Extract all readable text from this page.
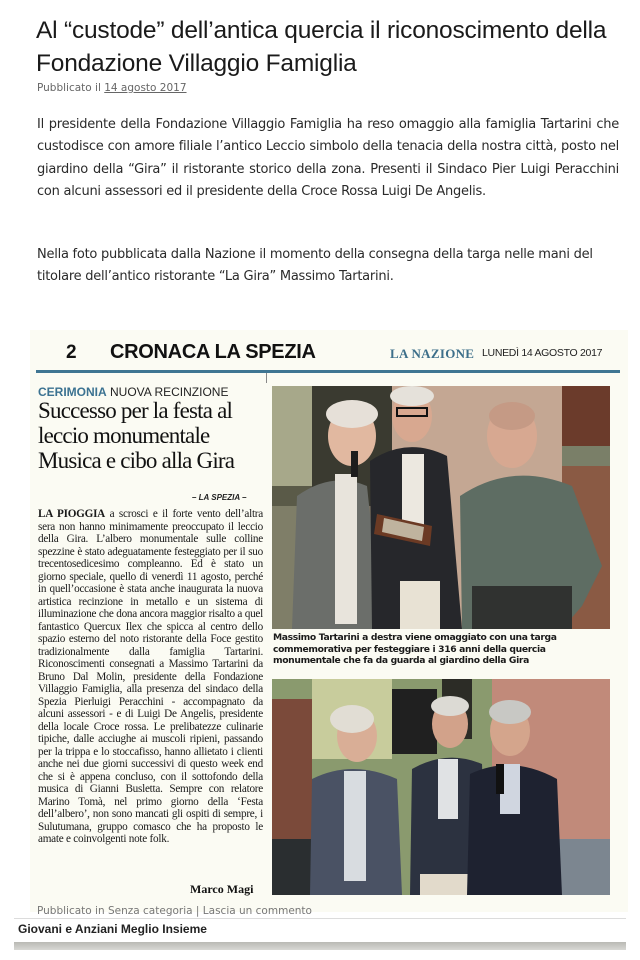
Al “custode” dell’antica quercia il riconoscimento della Fondazione Villaggio Famiglia
Pubblicato il 14 agosto 2017

Il presidente della Fondazione Villaggio Famiglia ha reso omaggio alla famiglia Tartarini che custodisce con amore filiale l’antico Leccio simbolo della tenacia della nostra città, posto nel giardino della “Gira” il ristorante storico della zona. Presenti il Sindaco Pier Luigi Peracchini con alcuni assessori ed il presidente della Croce Rossa Luigi De Angelis.

Nella foto pubblicata dalla Nazione il momento della consegna della targa nelle mani del titolare dell’antico ristorante “La Gira” Massimo Tartarini.

2 CRONACA LA SPEZIA	LA NAZIONE LUNEDÌ 14 AGOSTO 2017
CERIMONIA NUOVA RECINZIONE
Successo per la festa al leccio monumentale Musica e cibo alla Gira
– LA SPEZIA –
LA PIOGGIA a scrosci e il forte vento dell’altra sera non hanno minimamente preoccupato il leccio della Gira. L’albero monumentale sulle colline spezzine è stato adeguatamente festeggiato per il suo trecentosedicesimo compleanno. Ed è stato un giorno speciale, quello di venerdì 11 agosto, perché in quell’occasione è stata anche inaugurata la nuova artistica recinzione in metallo e un sistema di illuminazione che dona ancora maggior risalto a quel fantastico Quercux Ilex che spicca al centro dello spazio esterno del noto ristorante della Foce gestito tradizionalmente dalla famiglia Tartarini. Riconoscimenti consegnati a Massimo Tartarini da Bruno Dal Molin, presidente della Fondazione Villaggio Famiglia, alla presenza del sindaco della Spezia Pierluigi Peracchini - accompagnato da alcuni assessori - e di Luigi De Angelis, presidente della locale Croce rossa. Le prelibatezze culinarie tipiche, dalle acciughe ai muscoli ripieni, passando per la trippa e lo stoccafisso, hanno allietato i clienti anche nei due giorni successivi di questo week end che si è appena concluso, con il sottofondo della musica di Gianni Busletta. Sempre con relatore Marino Tomà, nel primo giorno della ‘Festa dell’albero’, non sono mancati gli ospiti di sempre, i Sulutumana, gruppo comasco che ha proposto le amate e coinvolgenti note folk.
Marco Magi
Massimo Tartarini a destra viene omaggiato con una targa commemorativa per festeggiare i 316 anni della quercia monumentale che fa da guarda al giardino della Gira
Pubblicato in Senza categoria | Lascia un commento
Giovani e Anziani Meglio Insieme
